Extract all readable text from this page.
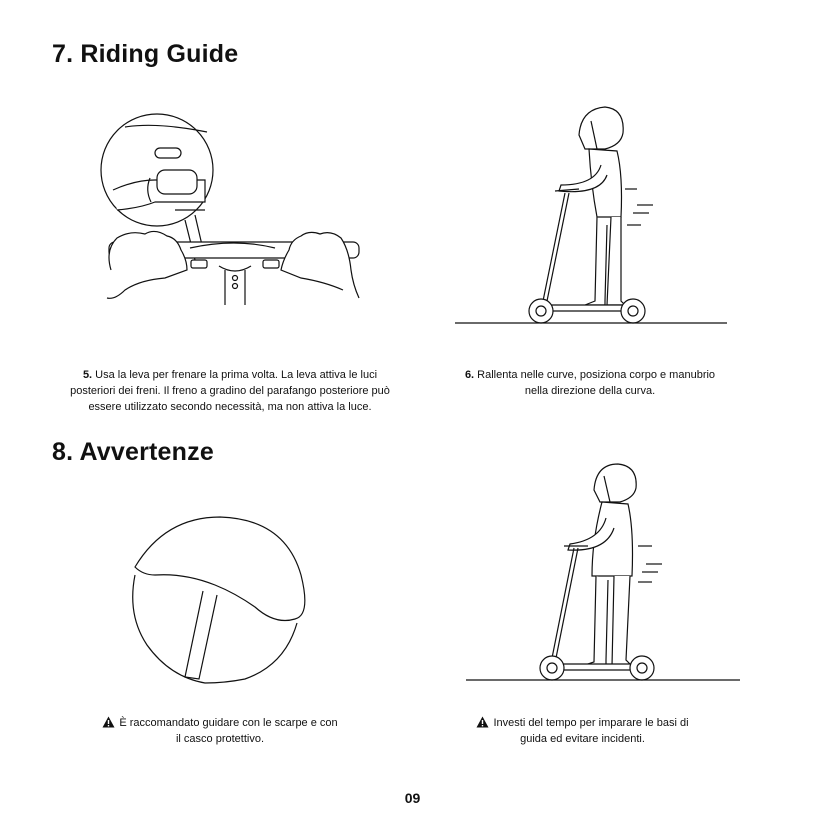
7. Riding Guide
5. Usa la leva per frenare la prima volta. La leva attiva le luci
posteriori dei freni. Il freno a gradino del parafango posteriore può
essere utilizzato secondo necessità, ma non attiva la luce.
6. Rallenta nelle curve, posiziona corpo e manubrio
nella direzione della curva.
8. Avvertenze
È raccomandato guidare con le scarpe e con
il casco protettivo.
Investi del tempo per imparare le basi di
guida ed evitare incidenti.
09
